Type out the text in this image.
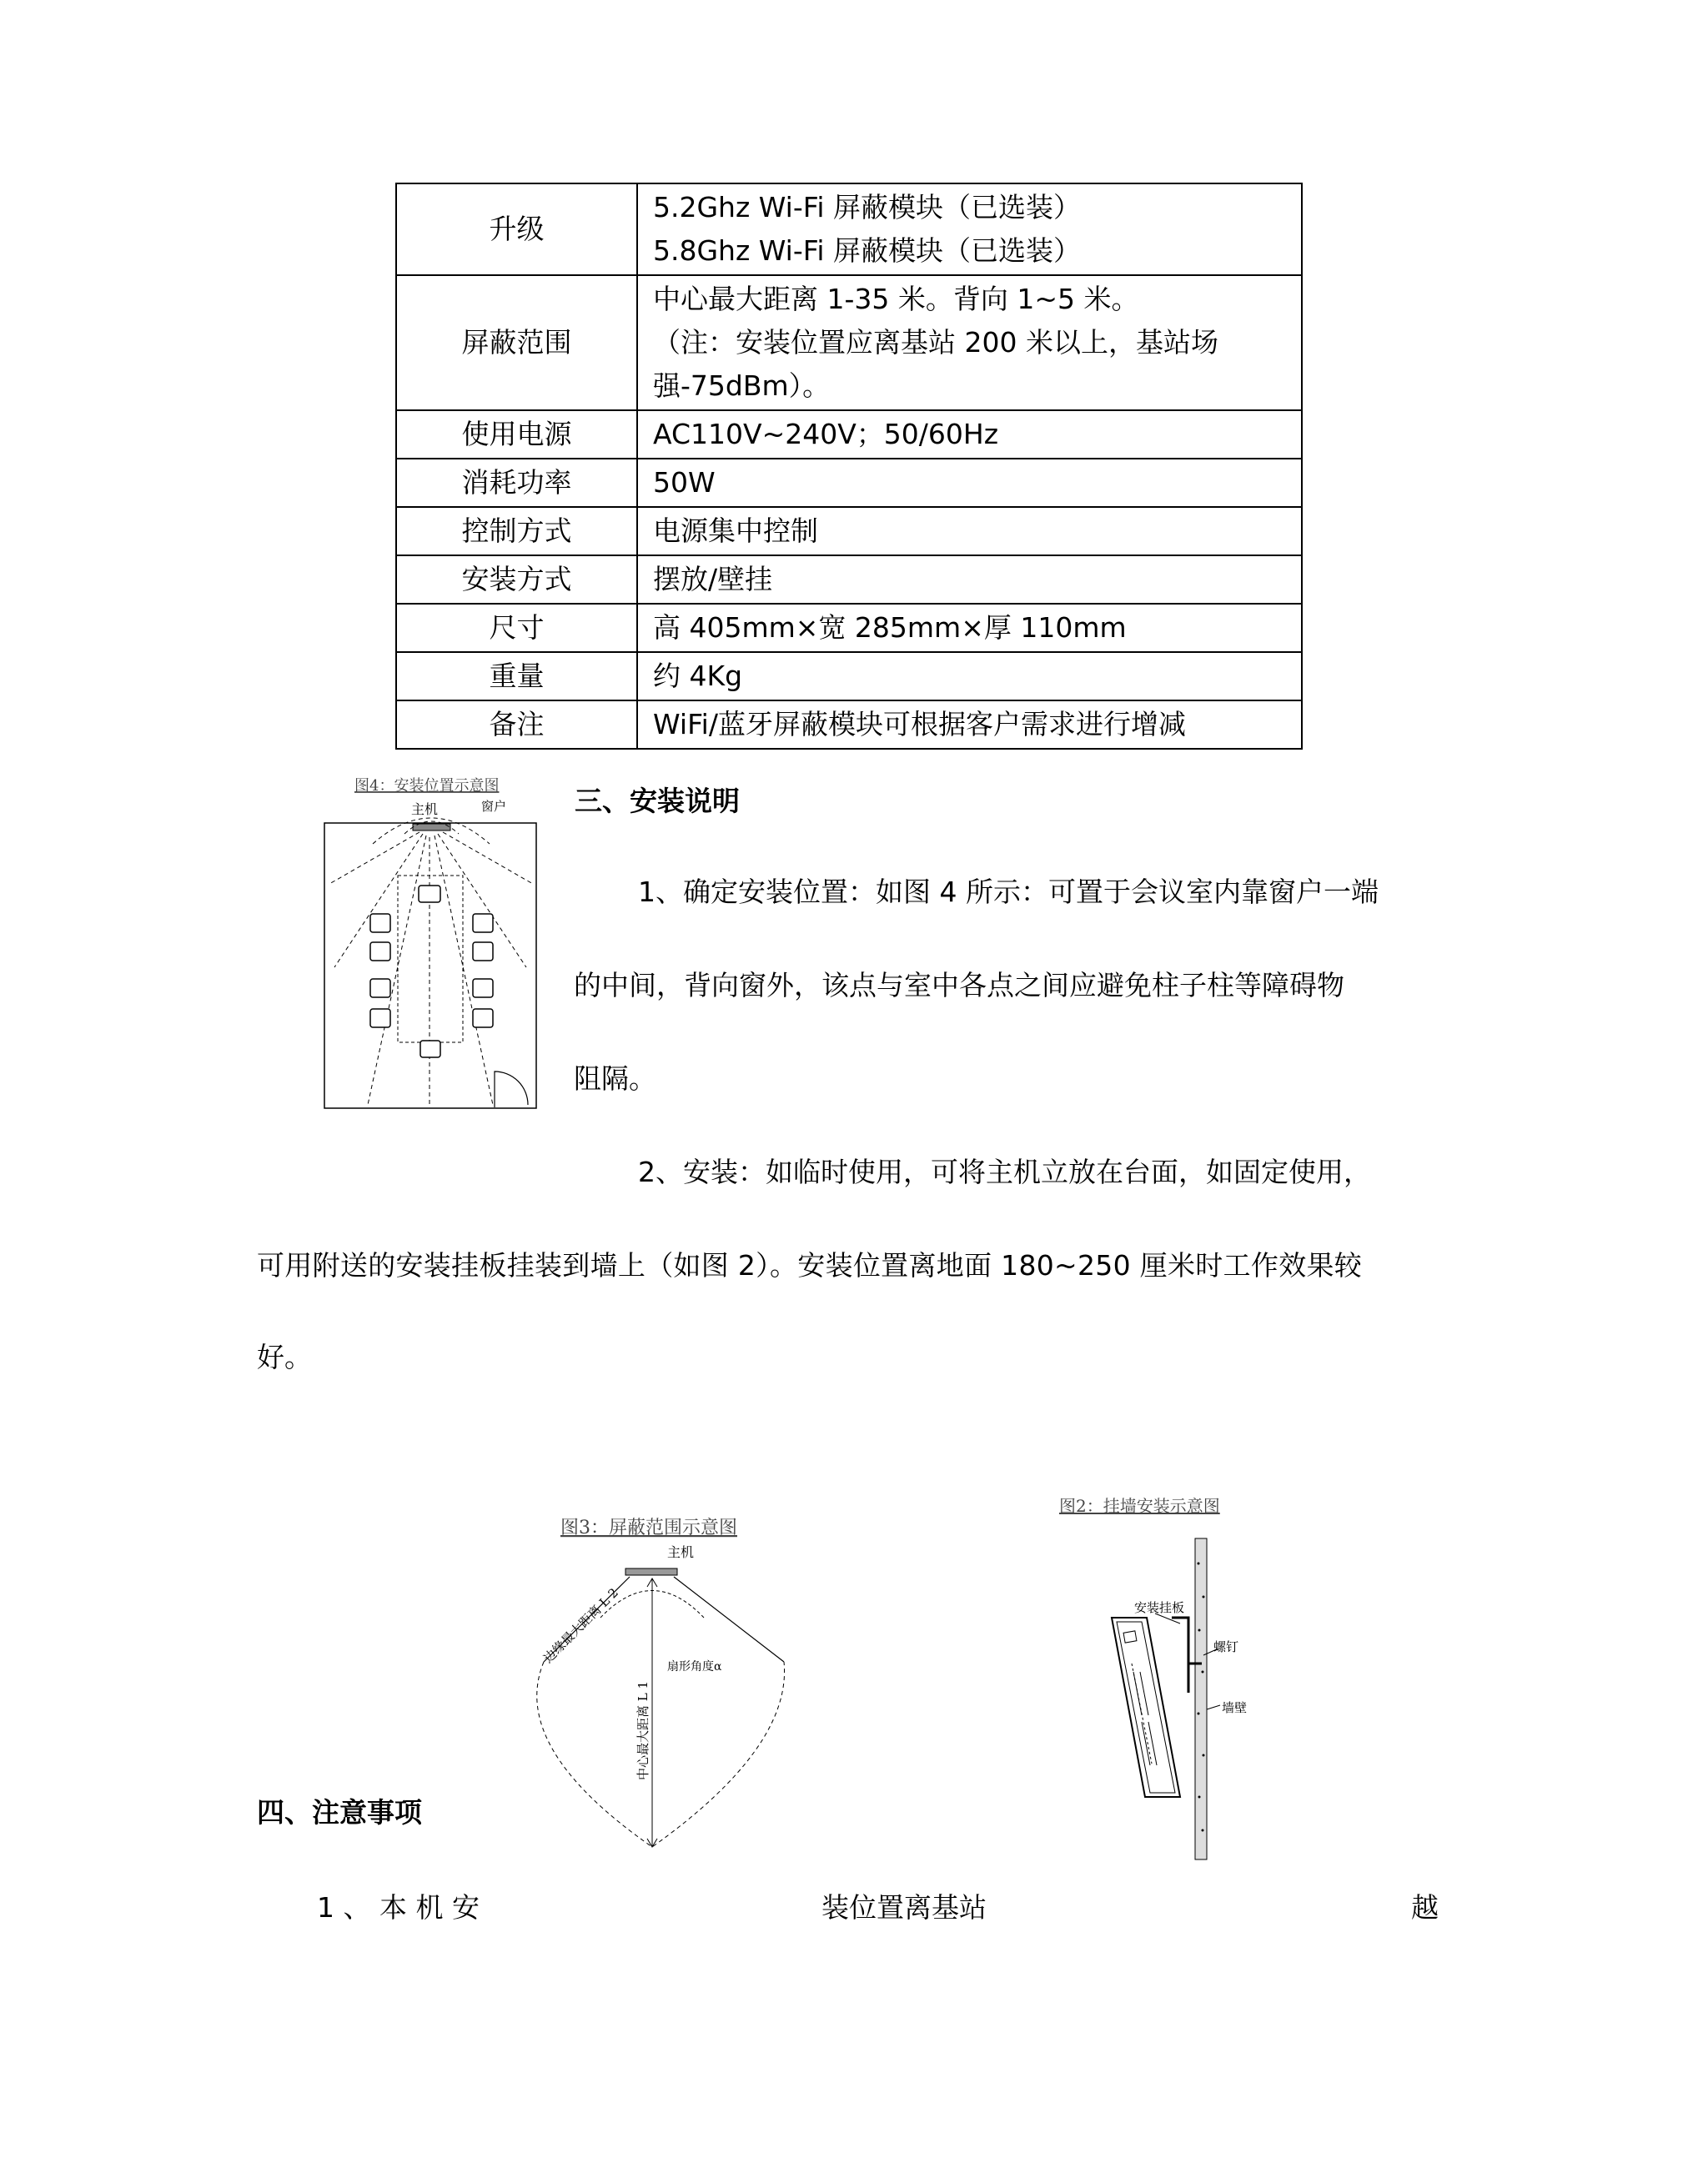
升级	5.2Ghz Wi-Fi 屏蔽模块（已选装）
5.8Ghz Wi-Fi 屏蔽模块（已选装）

屏蔽范围	中心最大距离 1-35 米。背向 1~5 米。
（注：安装位置应离基站 200 米以上，基站场
强-75dBm）。

使用电源	AC110V~240V；50/60Hz

消耗功率	50W

控制方式	电源集中控制

安装方式	摆放/壁挂

尺寸	高 405mm×宽 285mm×厚 110mm

重量	约 4Kg

备注	WiFi/蓝牙屏蔽模块可根据客户需求进行增减
图4：安装位置示意图
主机	窗户 三、安装说明
1、确定安装位置：如图 4 所示：可置于会议室内靠窗户一端
的中间，背向窗外，该点与室中各点之间应避免柱子柱等障碍物
阻隔。
2、安装：如临时使用，可将主机立放在台面，如固定使用，
可用附送的安装挂板挂装到墙上（如图 2）。安装位置离地面 180~250 厘米时工作效果较
好。
图3：屏蔽范围示意图
主机
边缘最大距离 L 2
中心最大距离 L 1
扇形角度α
图2：挂墙安装示意图
安装挂板
螺钉
墙壁
四、注意事项
1 、 本 机 安	装位置离基站	越
